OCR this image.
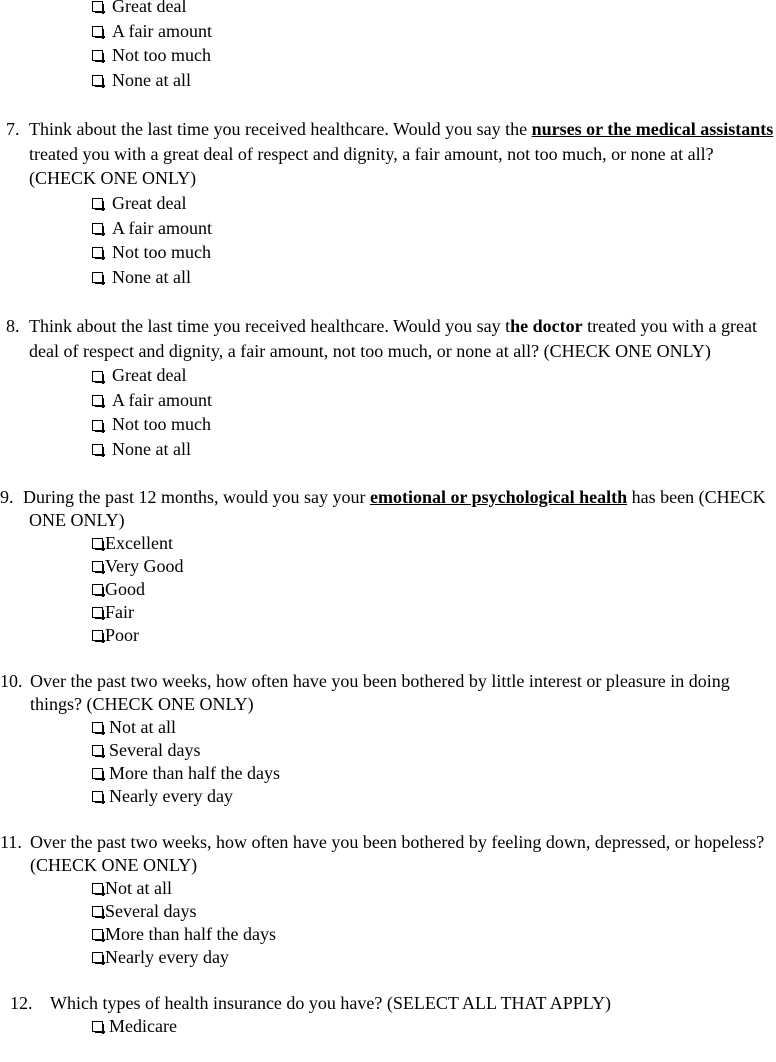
Great deal
A fair amount
Not too much
None at all
7. Think about the last time you received healthcare. Would you say the nurses or the medical assistants treated you with a great deal of respect and dignity, a fair amount, not too much, or none at all? (CHECK ONE ONLY)
Great deal
A fair amount
Not too much
None at all
8. Think about the last time you received healthcare. Would you say the doctor treated you with a great deal of respect and dignity, a fair amount, not too much, or none at all? (CHECK ONE ONLY)
Great deal
A fair amount
Not too much
None at all
9. During the past 12 months, would you say your emotional or psychological health has been (CHECK ONE ONLY)
Excellent
Very Good
Good
Fair
Poor
10. Over the past two weeks, how often have you been bothered by little interest or pleasure in doing things? (CHECK ONE ONLY)
Not at all
Several days
More than half the days
Nearly every day
11. Over the past two weeks, how often have you been bothered by feeling down, depressed, or hopeless? (CHECK ONE ONLY)
Not at all
Several days
More than half the days
Nearly every day
12. Which types of health insurance do you have? (SELECT ALL THAT APPLY)
Medicare
